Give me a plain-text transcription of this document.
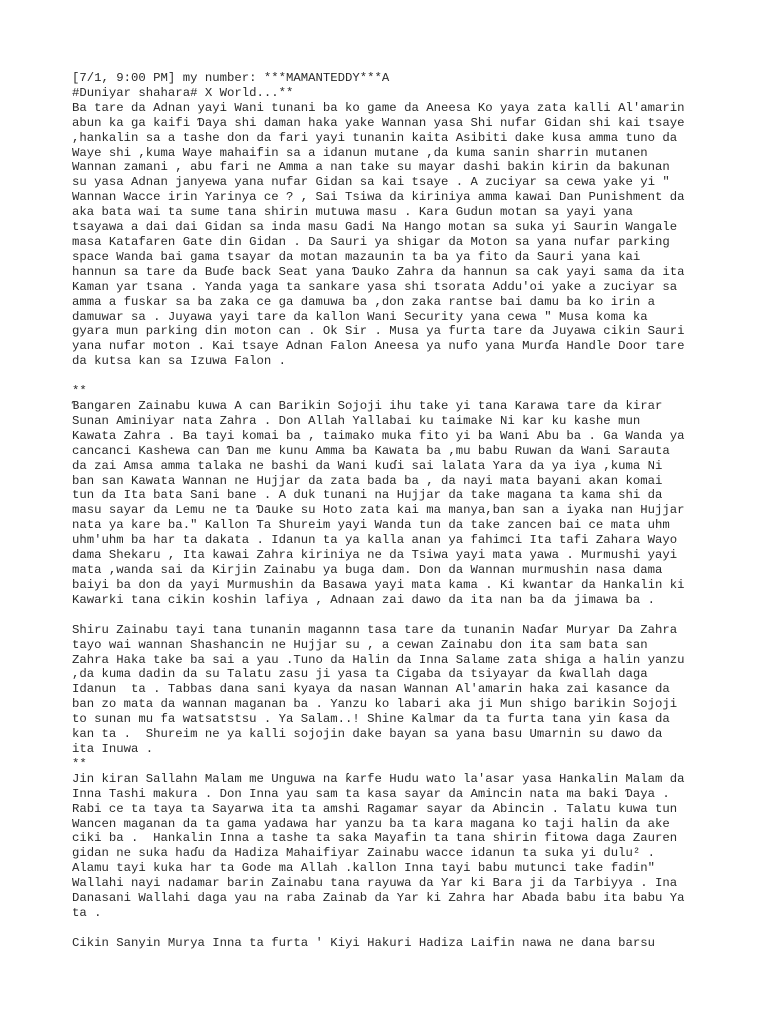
[7/1, 9:00 PM] my number: ***MAMANTEDDY***A

#Duniyar shahara# X World...**

Ba tare da Adnan yayi Wani tunani ba ko game da Aneesa Ko yaya zata kalli Al'amarin
abun ka ga kaifi Ɗaya shi daman haka yake Wannan yasa Shi nufar Gidan shi kai tsaye
,hankalin sa a tashe don da fari yayi tunanin kaita Asibiti dake kusa amma tuno da
Waye shi ,kuma Waye mahaifin sa a idanun mutane ,da kuma sanin sharrin mutanen
Wannan zamani , abu fari ne Amma a nan take su mayar dashi bakin kirin da bakunan
su yasa Adnan janyewa yana nufar Gidan sa kai tsaye . A zuciyar sa cewa yake yi "
Wannan Wacce irin Yarinya ce ? , Sai Tsiwa da kiriniya amma kawai Dan Punishment da
aka bata wai ta sume tana shirin mutuwa masu . Kara Gudun motan sa yayi yana
tsayawa a dai dai Gidan sa inda masu Gadi Na Hango motan sa suka yi Saurin Wangale
masa Katafaren Gate din Gidan . Da Sauri ya shigar da Moton sa yana nufar parking
space Wanda bai gama tsayar da motan mazaunin ta ba ya fito da Sauri yana kai
hannun sa tare da Buɗe back Seat yana Ɗauko Zahra da hannun sa cak yayi sama da ita
Kaman yar tsana . Yanda yaga ta sankare yasa shi tsorata Addu'oi yake a zuciyar sa
amma a fuskar sa ba zaka ce ga damuwa ba ,don zaka rantse bai damu ba ko irin a
damuwar sa . Juyawa yayi tare da kallon Wani Security yana cewa " Musa koma ka
gyara mun parking din moton can . Ok Sir . Musa ya furta tare da Juyawa cikin Sauri
yana nufar moton . Kai tsaye Adnan Falon Aneesa ya nufo yana Murɗa Handle Door tare
da kutsa kan sa Izuwa Falon .

**

Ɓangaren Zainabu kuwa A can Barikin Sojoji ihu take yi tana Karawa tare da kirar
Sunan Aminiyar nata Zahra . Don Allah Yallabai ku taimake Ni kar ku kashe mun
Kawata Zahra . Ba tayi komai ba , taimako muka fito yi ba Wani Abu ba . Ga Wanda ya
cancanci Kashewa can Ɗan me kunu Amma ba Kawata ba ,mu babu Ruwan da Wani Sarauta
da zai Amsa amma talaka ne bashi da Wani kuɗi sai lalata Yara da ya iya ,kuma Ni
ban san Kawata Wannan ne Hujjar da zata bada ba , da nayi mata bayani akan komai
tun da Ita bata Sani bane . A duk tunani na Hujjar da take magana ta kama shi da
masu sayar da Lemu ne ta Ɗauke su Hoto zata kai ma manya,ban san a iyaka nan Hujjar
nata ya kare ba." Kallon Ta Shureim yayi Wanda tun da take zancen bai ce mata uhm
uhm'uhm ba har ta dakata . Idanun ta ya kalla anan ya fahimci Ita tafi Zahara Wayo
dama Shekaru , Ita kawai Zahra kiriniya ne da Tsiwa yayi mata yawa . Murmushi yayi
mata ,wanda sai da Kirjin Zainabu ya buga dam. Don da Wannan murmushin nasa dama
baiyi ba don da yayi Murmushin da Basawa yayi mata kama . Ki kwantar da Hankalin ki
Kawarki tana cikin koshin lafiya , Adnaan zai dawo da ita nan ba da jimawa ba .

Shiru Zainabu tayi tana tunanin magannn tasa tare da tunanin Naɗar Muryar Da Zahra
tayo wai wannan Shashancin ne Hujjar su , a cewan Zainabu don ita sam bata san
Zahra Haka take ba sai a yau .Tuno da Halin da Inna Salame zata shiga a halin yanzu
,da kuma dadin da su Talatu zasu ji yasa ta Cigaba da tsiyayar da ƙwallah daga
Idanun  ta . Tabbas dana sani kyaya da nasan Wannan Al'amarin haka zai kasance da
ban zo mata da wannan maganan ba . Yanzu ko labari aka ji Mun shigo barikin Sojoji
to sunan mu fa watsatstsu . Ya Salam..! Shine Kalmar da ta furta tana yin ƙasa da
kan ta .  Shureim ne ya kalli sojojin dake bayan sa yana basu Umarnin su dawo da
ita Inuwa .

**

Jin kiran Sallahn Malam me Unguwa na ƙarfe Hudu wato la'asar yasa Hankalin Malam da
Inna Tashi makura . Don Inna yau sam ta kasa sayar da Amincin nata ma baki Ɗaya .
Rabi ce ta taya ta Sayarwa ita ta amshi Ragamar sayar da Abincin . Talatu kuwa tun
Wancen maganan da ta gama yadawa har yanzu ba ta kara magana ko taji halin da ake
ciki ba .  Hankalin Inna a tashe ta saka Mayafin ta tana shirin fitowa daga Zauren
gidan ne suka haɗu da Hadiza Mahaifiyar Zainabu wacce idanun ta suka yi dulu² .
Alamu tayi kuka har ta Gode ma Allah .kallon Inna tayi babu mutunci take fadin"
Wallahi nayi nadamar barin Zainabu tana rayuwa da Yar ki Bara ji da Tarbiyya . Ina
Danasani Wallahi daga yau na raba Zainab da Yar ki Zahra har Abada babu ita babu Ya
ta .

Cikin Sanyin Murya Inna ta furta ' Kiyi Hakuri Hadiza Laifin nawa ne dana barsu
